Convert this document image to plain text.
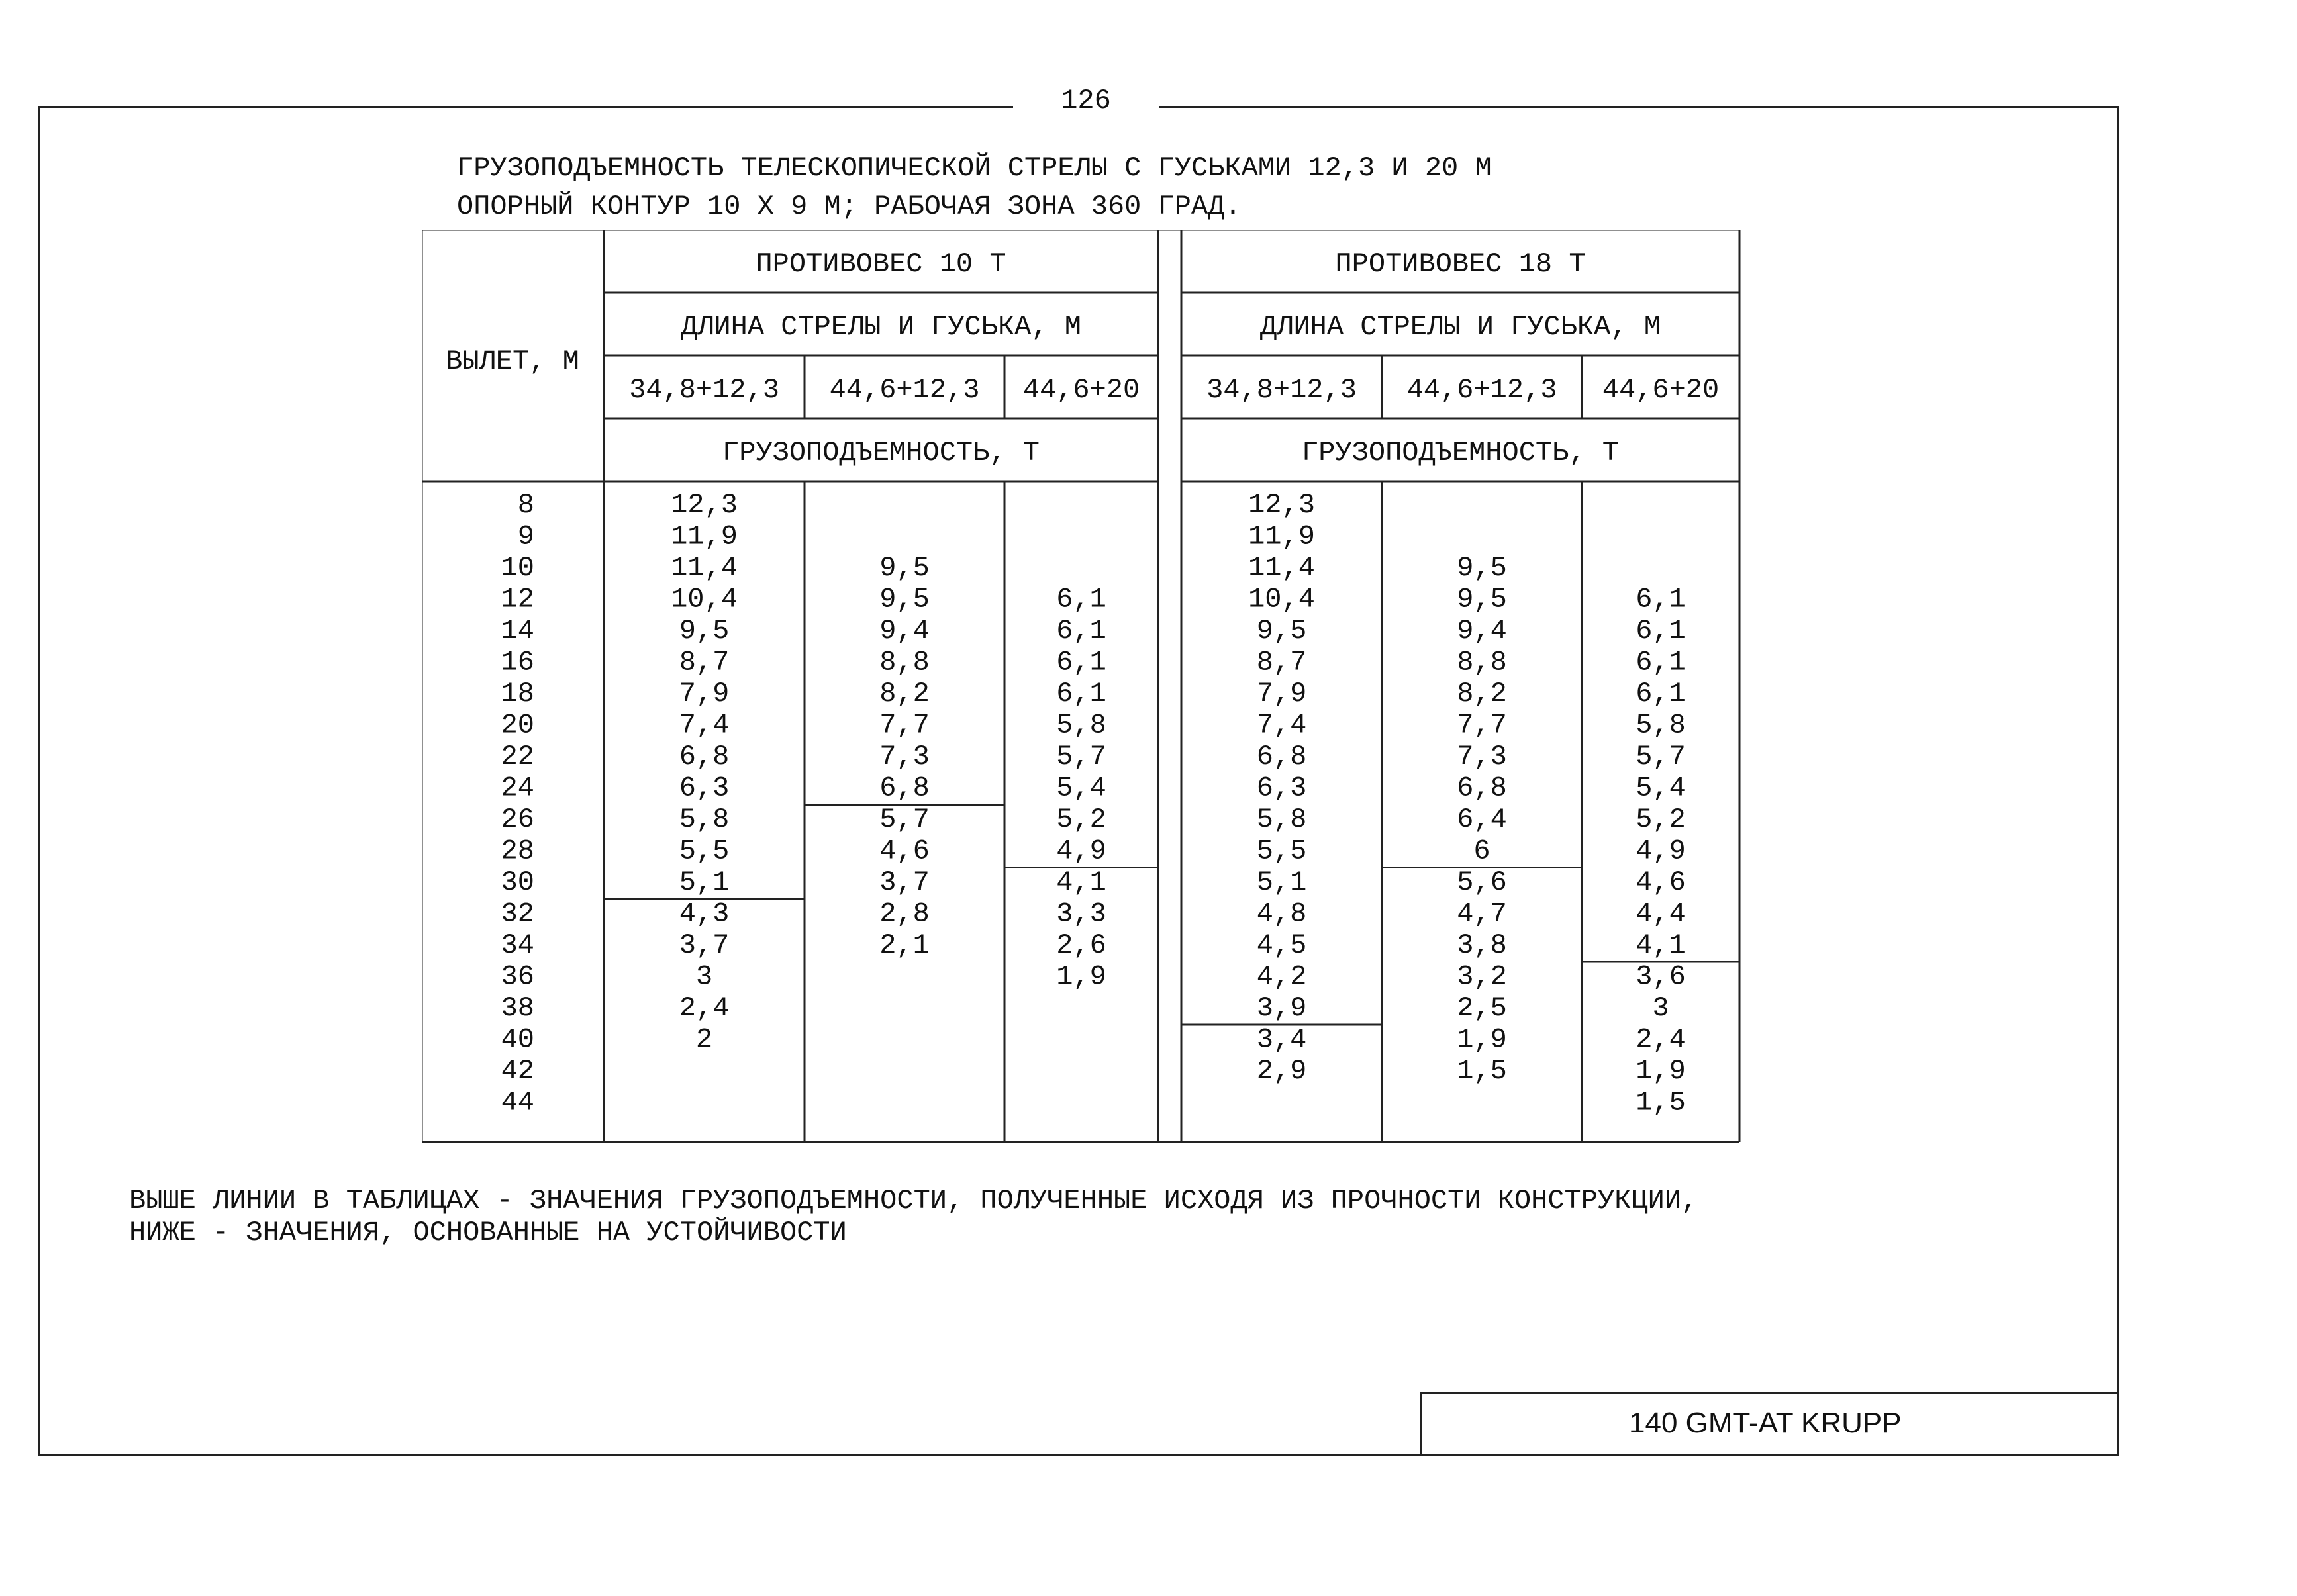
126
ГРУЗОПОДЪЕМНОСТЬ ТЕЛЕСКОПИЧЕСКОЙ СТРЕЛЫ С ГУСЬКАМИ 12,3 И 20 М
ОПОРНЫЙ КОНТУР 10 Х 9 М; РАБОЧАЯ ЗОНА 360 ГРАД.
ВЫЛЕТ, М
ПРОТИВОВЕС 10 Т
ДЛИНА СТРЕЛЫ И ГУСЬКА, М
ГРУЗОПОДЪЕМНОСТЬ, Т
34,8+12,3 44,6+12,3 44,6+20
ПРОТИВОВЕС 18 Т
ДЛИНА СТРЕЛЫ И ГУСЬКА, М
ГРУЗОПОДЪЕМНОСТЬ, Т
34,8+12,3 44,6+12,3 44,6+20
8
9
10
12
14
16
18
20
22
24
26
28
30
32
34
36
38
40
42
44
12,3
11,9
11,4
10,4
9,5
8,7
7,9
7,4
6,8
6,3
5,8
5,5
5,1
4,3
3,7
3
2,4
2
9,5
9,5
9,4
8,8
8,2
7,7
7,3
6,8
5,7
4,6
3,7
2,8
2,1
6,1
6,1
6,1
6,1
5,8
5,7
5,4
5,2
4,9
4,1
3,3
2,6
1,9
12,3
11,9
11,4
10,4
9,5
8,7
7,9
7,4
6,8
6,3
5,8
5,5
5,1
4,8
4,5
4,2
3,9
3,4
2,9
9,5
9,5
9,4
8,8
8,2
7,7
7,3
6,8
6,4
6
5,6
4,7
3,8
3,2
2,5
1,9
1,5
6,1
6,1
6,1
6,1
5,8
5,7
5,4
5,2
4,9
4,6
4,4
4,1
3,6
3
2,4
1,9
1,5
ВЫШЕ ЛИНИИ В ТАБЛИЦАХ - ЗНАЧЕНИЯ ГРУЗОПОДЪЕМНОСТИ, ПОЛУЧЕННЫЕ ИСХОДЯ ИЗ ПРОЧНОСТИ КОНСТРУКЦИИ,
НИЖЕ - ЗНАЧЕНИЯ, ОСНОВАННЫЕ НА УСТОЙЧИВОСТИ
140 GMT-AT KRUPP
